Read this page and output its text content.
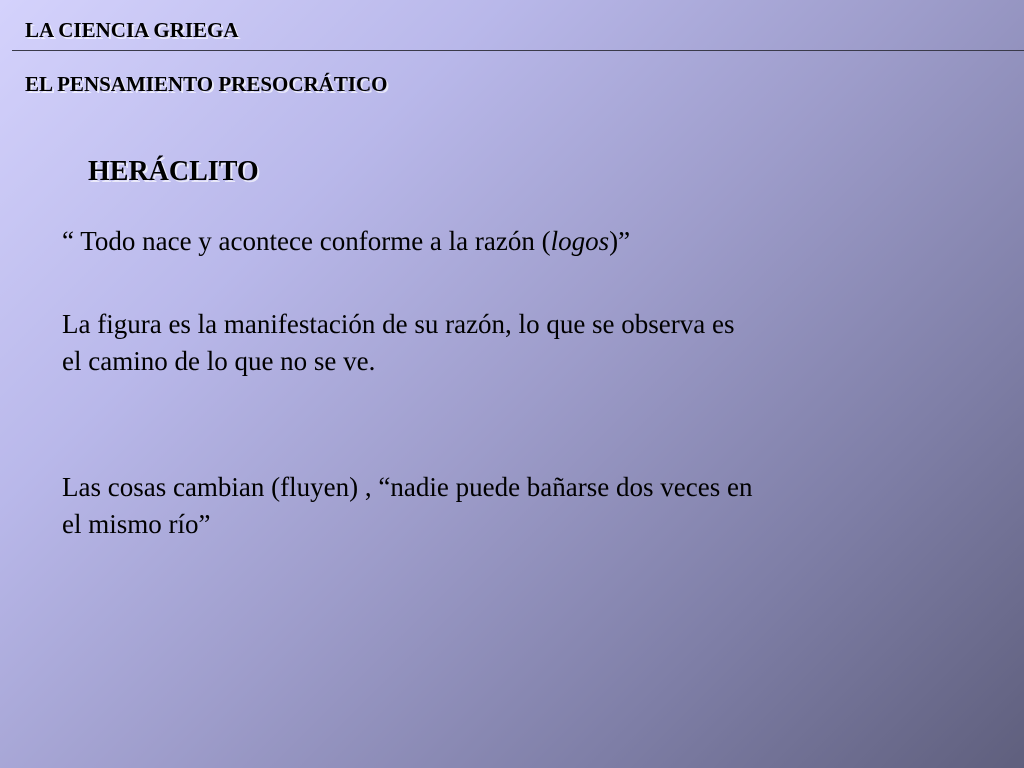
LA CIENCIA GRIEGA
EL PENSAMIENTO PRESOCRÁTICO
HERÁCLITO
“ Todo nace y acontece conforme a la razón (logos)”
La figura es la manifestación de su razón, lo que se observa es
el camino de lo que no se ve.
Las cosas cambian (fluyen) , “nadie puede bañarse dos veces en
el mismo río”
